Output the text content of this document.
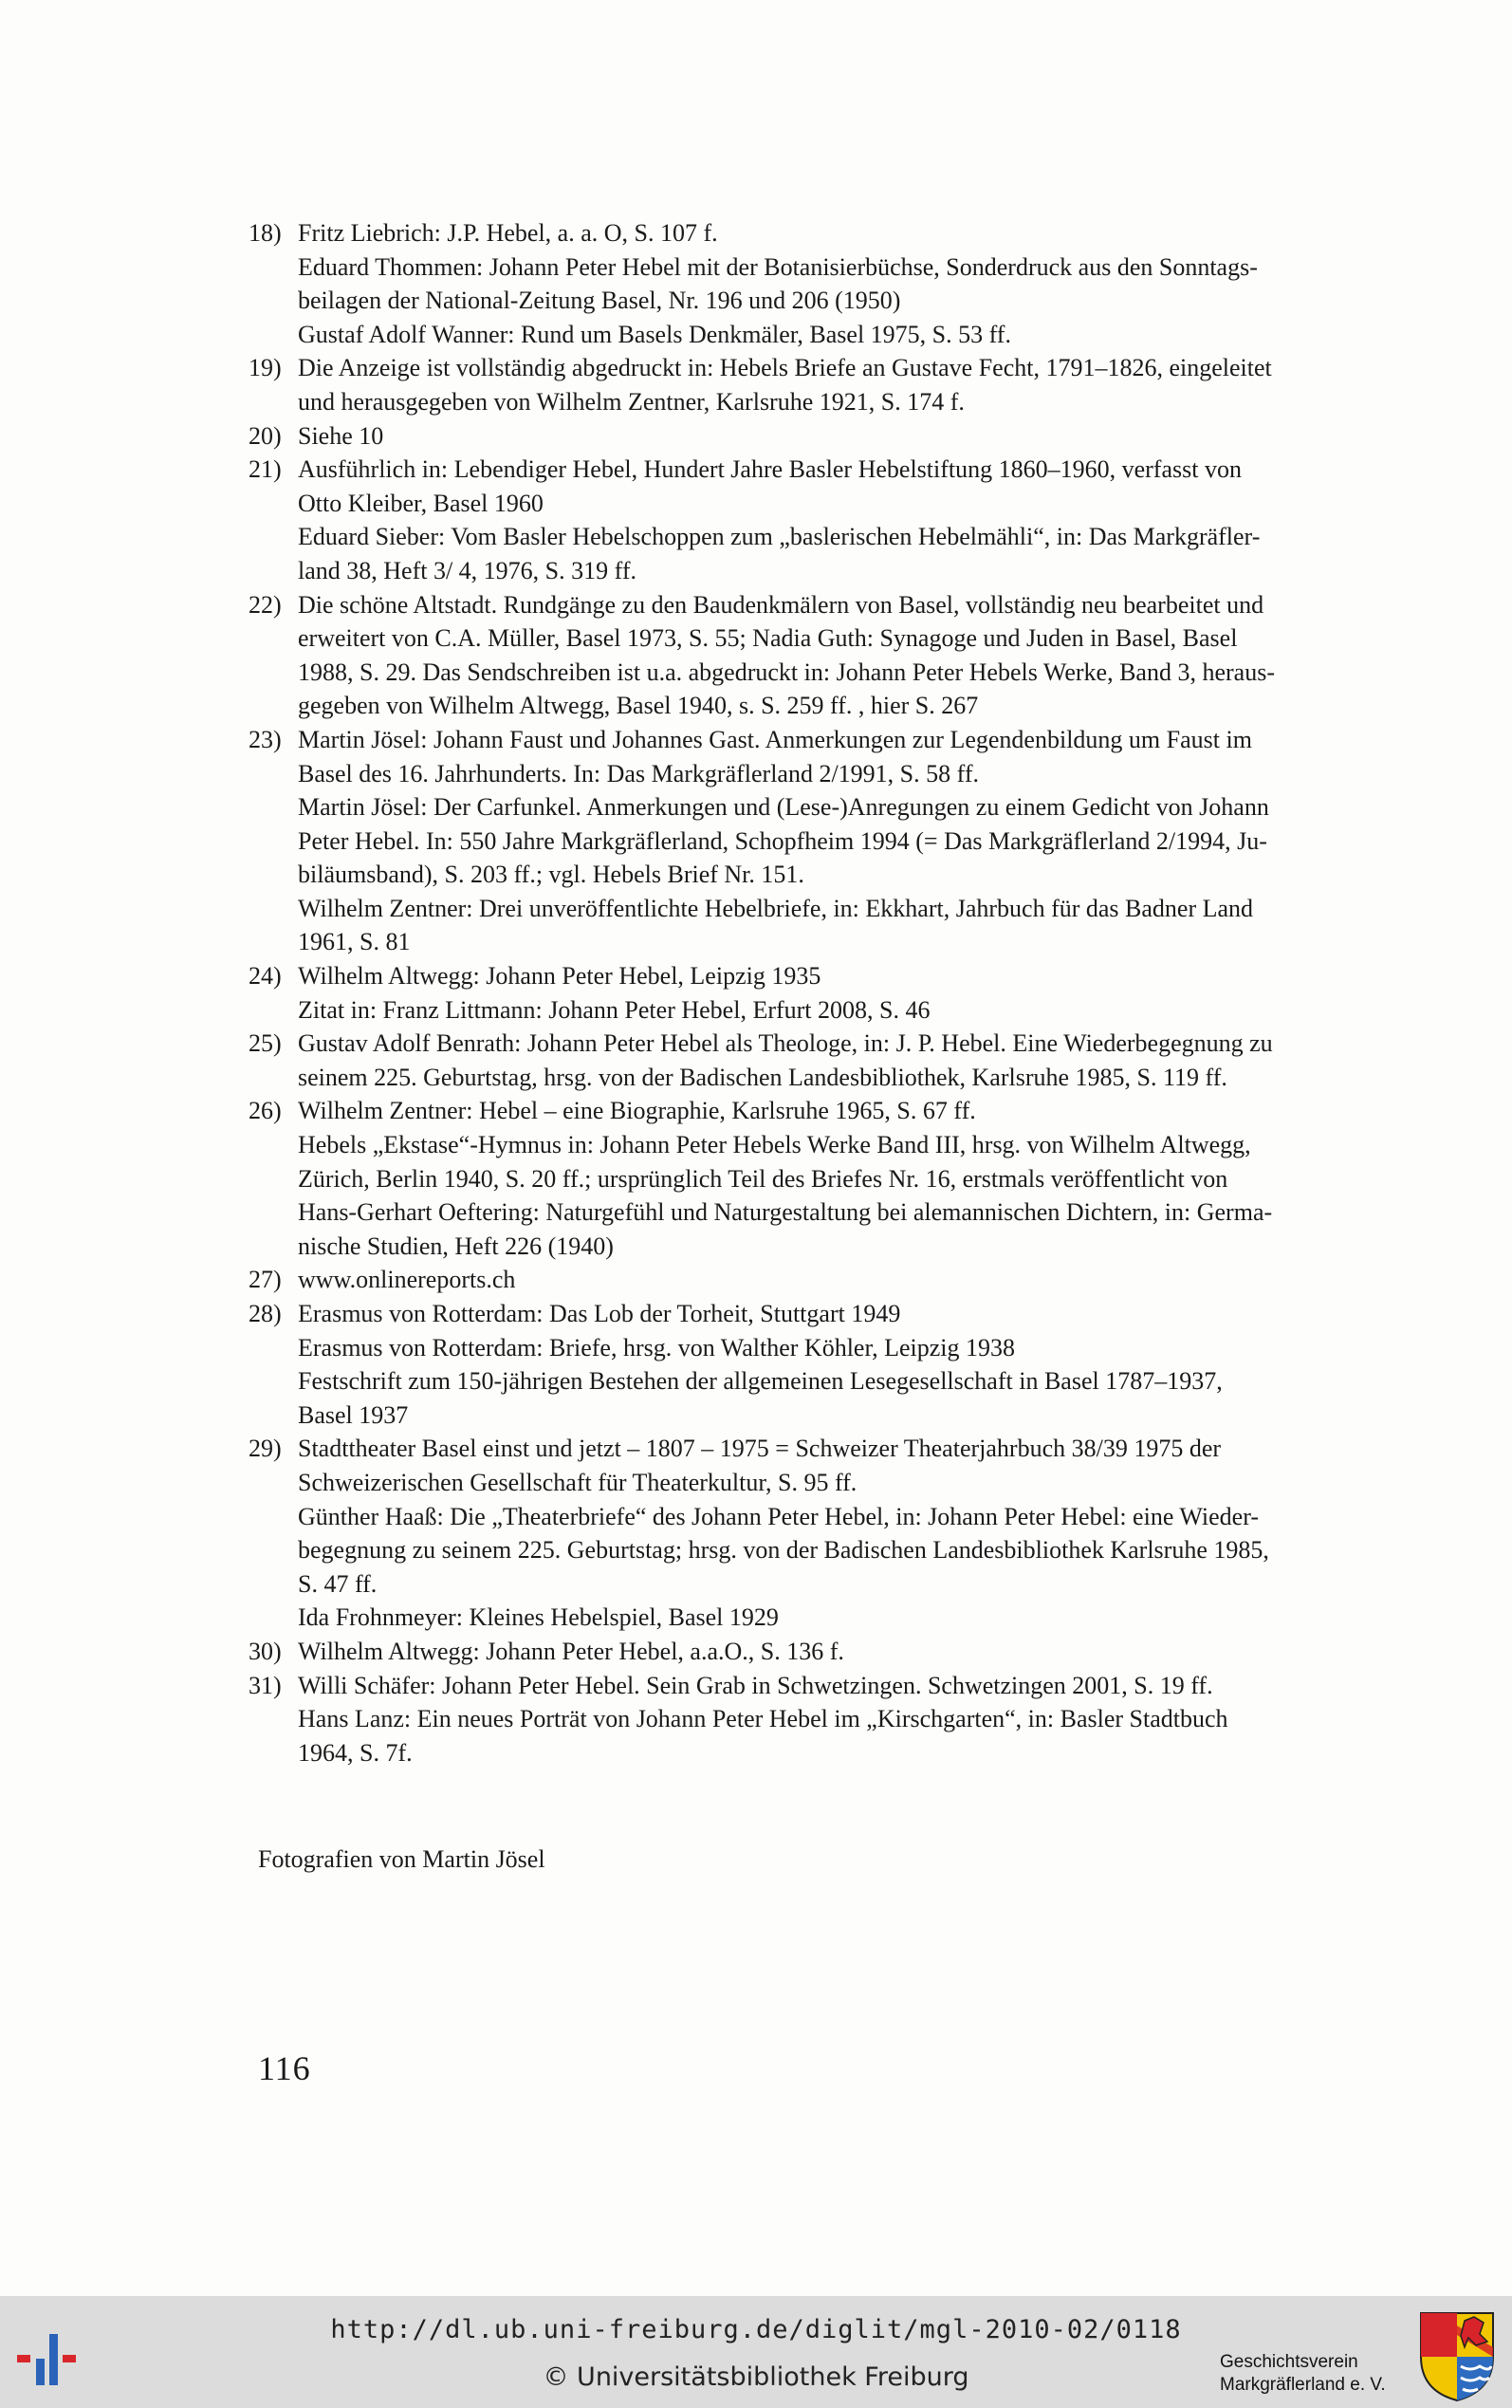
18) Fritz Liebrich: J.P. Hebel, a. a. O, S. 107 f.

Eduard Thommen: Johann Peter Hebel mit der Botanisierbüchse, Sonderdruck aus den Sonntags-

beilagen der National-Zeitung Basel, Nr. 196 und 206 (1950)

Gustaf Adolf Wanner: Rund um Basels Denkmäler, Basel 1975, S. 53 ff.

19) Die Anzeige ist vollständig abgedruckt in: Hebels Briefe an Gustave Fecht, 1791–1826, eingeleitet

und herausgegeben von Wilhelm Zentner, Karlsruhe 1921, S. 174 f.

20) Siehe 10

21) Ausführlich in: Lebendiger Hebel, Hundert Jahre Basler Hebelstiftung 1860–1960, verfasst von

Otto Kleiber, Basel 1960

Eduard Sieber: Vom Basler Hebelschoppen zum „baslerischen Hebelmähli“, in: Das Markgräfler-

land 38, Heft 3/ 4, 1976, S. 319 ff.

22) Die schöne Altstadt. Rundgänge zu den Baudenkmälern von Basel, vollständig neu bearbeitet und

erweitert von C.A. Müller, Basel 1973, S. 55; Nadia Guth: Synagoge und Juden in Basel, Basel

1988, S. 29. Das Sendschreiben ist u.a. abgedruckt in: Johann Peter Hebels Werke, Band 3, heraus-

gegeben von Wilhelm Altwegg, Basel 1940, s. S. 259 ff. , hier S. 267

23) Martin Jösel: Johann Faust und Johannes Gast. Anmerkungen zur Legendenbildung um Faust im

Basel des 16. Jahrhunderts. In: Das Markgräflerland 2/1991, S. 58 ff.

Martin Jösel: Der Carfunkel. Anmerkungen und (Lese-)Anregungen zu einem Gedicht von Johann

Peter Hebel. In: 550 Jahre Markgräflerland, Schopfheim 1994 (= Das Markgräflerland 2/1994, Ju-

biläumsband), S. 203 ff.; vgl. Hebels Brief Nr. 151.

Wilhelm Zentner: Drei unveröffentlichte Hebelbriefe, in: Ekkhart, Jahrbuch für das Badner Land

1961, S. 81

24) Wilhelm Altwegg: Johann Peter Hebel, Leipzig 1935

Zitat in: Franz Littmann: Johann Peter Hebel, Erfurt 2008, S. 46

25) Gustav Adolf Benrath: Johann Peter Hebel als Theologe, in: J. P. Hebel. Eine Wiederbegegnung zu

seinem 225. Geburtstag, hrsg. von der Badischen Landesbibliothek, Karlsruhe 1985, S. 119 ff.

26) Wilhelm Zentner: Hebel – eine Biographie, Karlsruhe 1965, S. 67 ff.

Hebels „Ekstase“-Hymnus in: Johann Peter Hebels Werke Band III, hrsg. von Wilhelm Altwegg,

Zürich, Berlin 1940, S. 20 ff.; ursprünglich Teil des Briefes Nr. 16, erstmals veröffentlicht von

Hans-Gerhart Oeftering: Naturgefühl und Naturgestaltung bei alemannischen Dichtern, in: Germa-

nische Studien, Heft 226 (1940)

27) www.onlinereports.ch

28) Erasmus von Rotterdam: Das Lob der Torheit, Stuttgart 1949

Erasmus von Rotterdam: Briefe, hrsg. von Walther Köhler, Leipzig 1938

Festschrift zum 150-jährigen Bestehen der allgemeinen Lesegesellschaft in Basel 1787–1937,

Basel 1937

29) Stadttheater Basel einst und jetzt – 1807 – 1975 = Schweizer Theaterjahrbuch 38/39 1975 der

Schweizerischen Gesellschaft für Theaterkultur, S. 95 ff.

Günther Haaß: Die „Theaterbriefe“ des Johann Peter Hebel, in: Johann Peter Hebel: eine Wieder-

begegnung zu seinem 225. Geburtstag; hrsg. von der Badischen Landesbibliothek Karlsruhe 1985,

S. 47 ff.

Ida Frohnmeyer: Kleines Hebelspiel, Basel 1929

30) Wilhelm Altwegg: Johann Peter Hebel, a.a.O., S. 136 f.

31) Willi Schäfer: Johann Peter Hebel. Sein Grab in Schwetzingen. Schwetzingen 2001, S. 19 ff.

Hans Lanz: Ein neues Porträt von Johann Peter Hebel im „Kirschgarten“, in: Basler Stadtbuch

1964, S. 7f.

Fotografien von Martin Jösel
116
http://dl.ub.uni-freiburg.de/diglit/mgl-2010-02/0118
© Universitätsbibliothek Freiburg
Geschichtsverein
Markgräflerland e. V.
